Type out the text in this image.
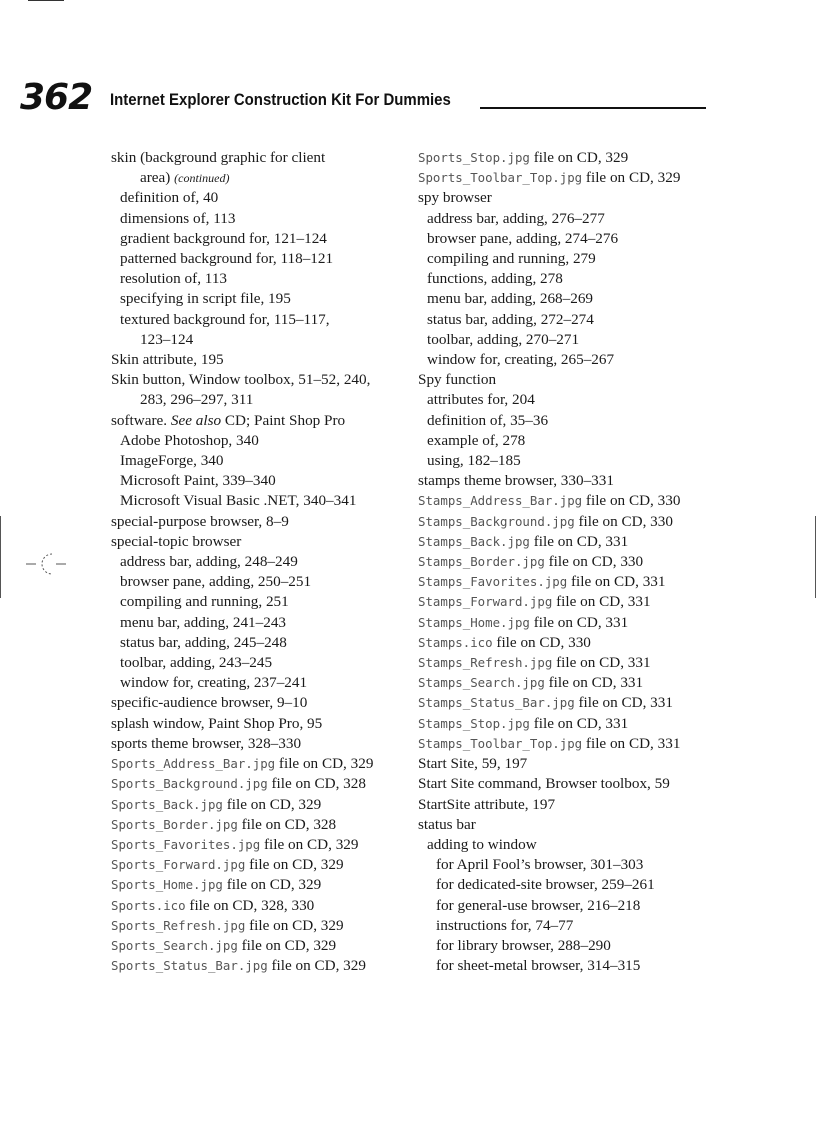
362 Internet Explorer Construction Kit For Dummies
skin (background graphic for client
area) (continued)
definition of, 40
dimensions of, 113
gradient background for, 121–124
patterned background for, 118–121
resolution of, 113
specifying in script file, 195
textured background for, 115–117,
123–124
Skin attribute, 195
Skin button, Window toolbox, 51–52, 240,
283, 296–297, 311
software. See also CD; Paint Shop Pro
Adobe Photoshop, 340
ImageForge, 340
Microsoft Paint, 339–340
Microsoft Visual Basic .NET, 340–341
special-purpose browser, 8–9
special-topic browser
address bar, adding, 248–249
browser pane, adding, 250–251
compiling and running, 251
menu bar, adding, 241–243
status bar, adding, 245–248
toolbar, adding, 243–245
window for, creating, 237–241
specific-audience browser, 9–10
splash window, Paint Shop Pro, 95
sports theme browser, 328–330
Sports_Address_Bar.jpg file on CD, 329
Sports_Background.jpg file on CD, 328
Sports_Back.jpg file on CD, 329
Sports_Border.jpg file on CD, 328
Sports_Favorites.jpg file on CD, 329
Sports_Forward.jpg file on CD, 329
Sports_Home.jpg file on CD, 329
Sports.ico file on CD, 328, 330
Sports_Refresh.jpg file on CD, 329
Sports_Search.jpg file on CD, 329
Sports_Status_Bar.jpg file on CD, 329
Sports_Stop.jpg file on CD, 329
Sports_Toolbar_Top.jpg file on CD, 329
spy browser
address bar, adding, 276–277
browser pane, adding, 274–276
compiling and running, 279
functions, adding, 278
menu bar, adding, 268–269
status bar, adding, 272–274
toolbar, adding, 270–271
window for, creating, 265–267
Spy function
attributes for, 204
definition of, 35–36
example of, 278
using, 182–185
stamps theme browser, 330–331
Stamps_Address_Bar.jpg file on CD, 330
Stamps_Background.jpg file on CD, 330
Stamps_Back.jpg file on CD, 331
Stamps_Border.jpg file on CD, 330
Stamps_Favorites.jpg file on CD, 331
Stamps_Forward.jpg file on CD, 331
Stamps_Home.jpg file on CD, 331
Stamps.ico file on CD, 330
Stamps_Refresh.jpg file on CD, 331
Stamps_Search.jpg file on CD, 331
Stamps_Status_Bar.jpg file on CD, 331
Stamps_Stop.jpg file on CD, 331
Stamps_Toolbar_Top.jpg file on CD, 331
Start Site, 59, 197
Start Site command, Browser toolbox, 59
StartSite attribute, 197
status bar
adding to window
for April Fool’s browser, 301–303
for dedicated-site browser, 259–261
for general-use browser, 216–218
instructions for, 74–77
for library browser, 288–290
for sheet-metal browser, 314–315
